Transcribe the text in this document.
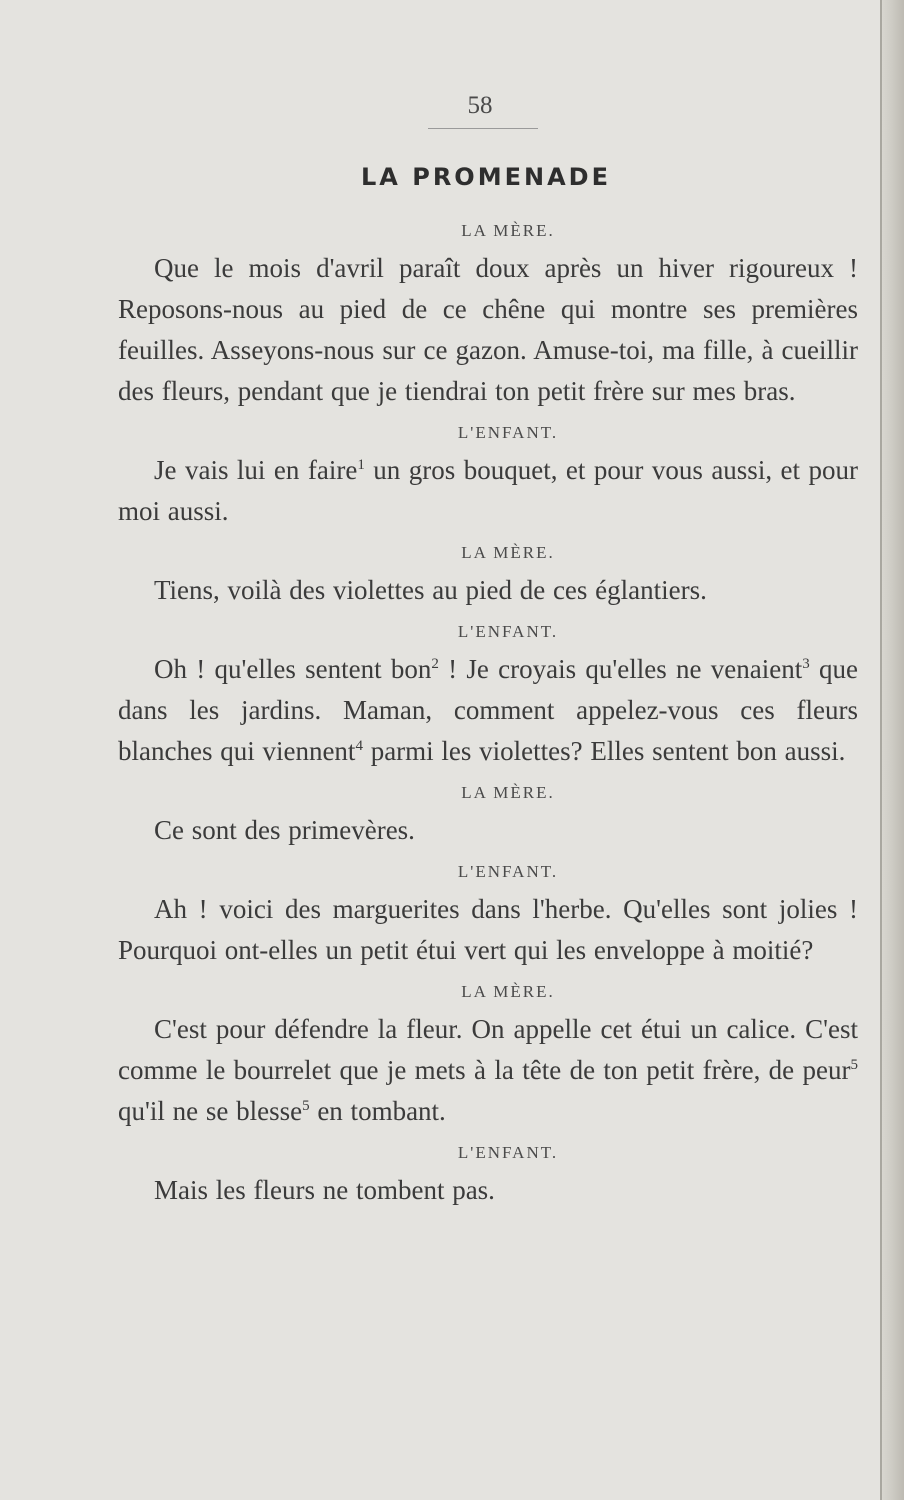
58
LA PROMENADE
LA MÈRE.

Que le mois d'avril paraît doux après un hiver rigoureux ! Reposons-nous au pied de ce chêne qui montre ses premières feuilles. Asseyons-nous sur ce gazon. Amuse-toi, ma fille, à cueillir des fleurs, pendant que je tiendrai ton petit frère sur mes bras.

L'ENFANT.

Je vais lui en faire$^1$ un gros bouquet, et pour vous aussi, et pour moi aussi.

LA MÈRE.

Tiens, voilà des violettes au pied de ces églantiers.

L'ENFANT.

Oh ! qu'elles sentent bon$^2$ ! Je croyais qu'elles ne venaient$^3$ que dans les jardins. Maman, comment appelez-vous ces fleurs blanches qui viennent$^4$ parmi les violettes? Elles sentent bon aussi.

LA MÈRE.

Ce sont des primevères.

L'ENFANT.

Ah ! voici des marguerites dans l'herbe. Qu'elles sont jolies ! Pourquoi ont-elles un petit étui vert qui les enveloppe à moitié?

LA MÈRE.

C'est pour défendre la fleur. On appelle cet étui un calice. C'est comme le bourrelet que je mets à la tête de ton petit frère, de peur$^5$ qu'il ne se blesse$^5$ en tombant.

L'ENFANT.

Mais les fleurs ne tombent pas.
